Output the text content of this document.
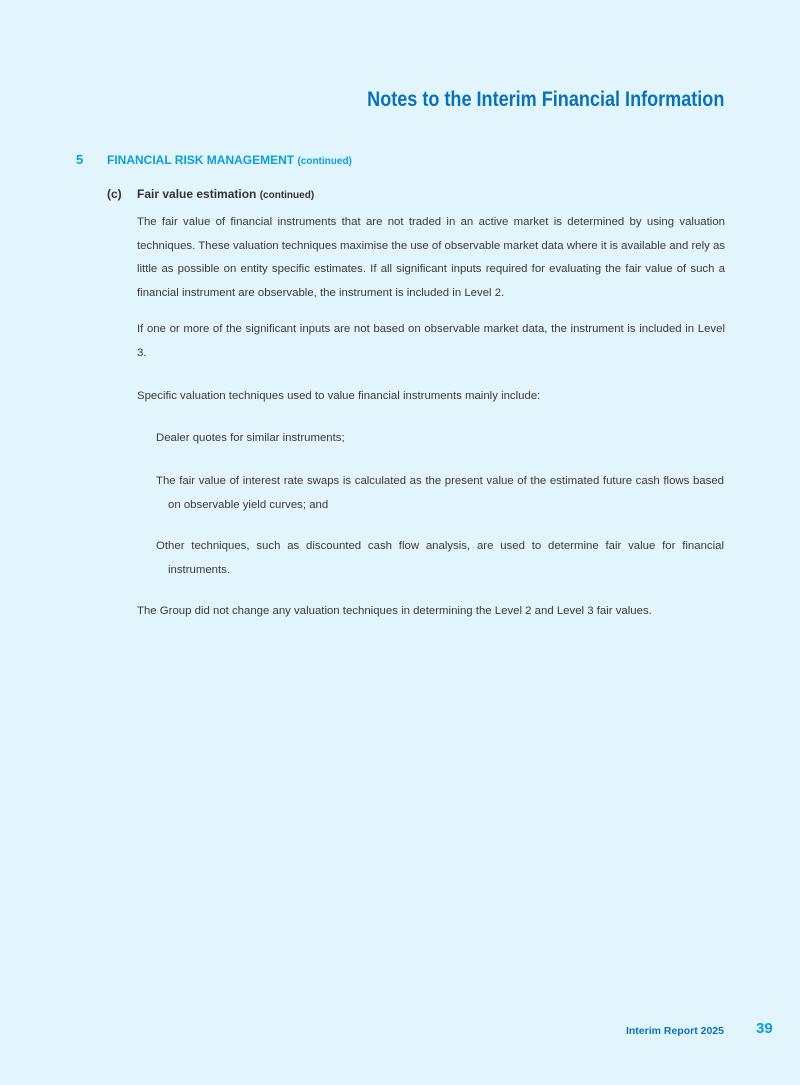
Notes to the Interim Financial Information
5 FINANCIAL RISK MANAGEMENT (continued)
(c) Fair value estimation (continued)

The fair value of financial instruments that are not traded in an active market is determined by using valuation techniques. These valuation techniques maximise the use of observable market data where it is available and rely as little as possible on entity specific estimates. If all significant inputs required for evaluating the fair value of such a financial instrument are observable, the instrument is included in Level 2.

If one or more of the significant inputs are not based on observable market data, the instrument is included in Level 3.

Specific valuation techniques used to value financial instruments mainly include:

Dealer quotes for similar instruments;

The fair value of interest rate swaps is calculated as the present value of the estimated future cash flows based on observable yield curves; and

Other techniques, such as discounted cash flow analysis, are used to determine fair value for financial instruments.

The Group did not change any valuation techniques in determining the Level 2 and Level 3 fair values.

Interim Report 2025 39
